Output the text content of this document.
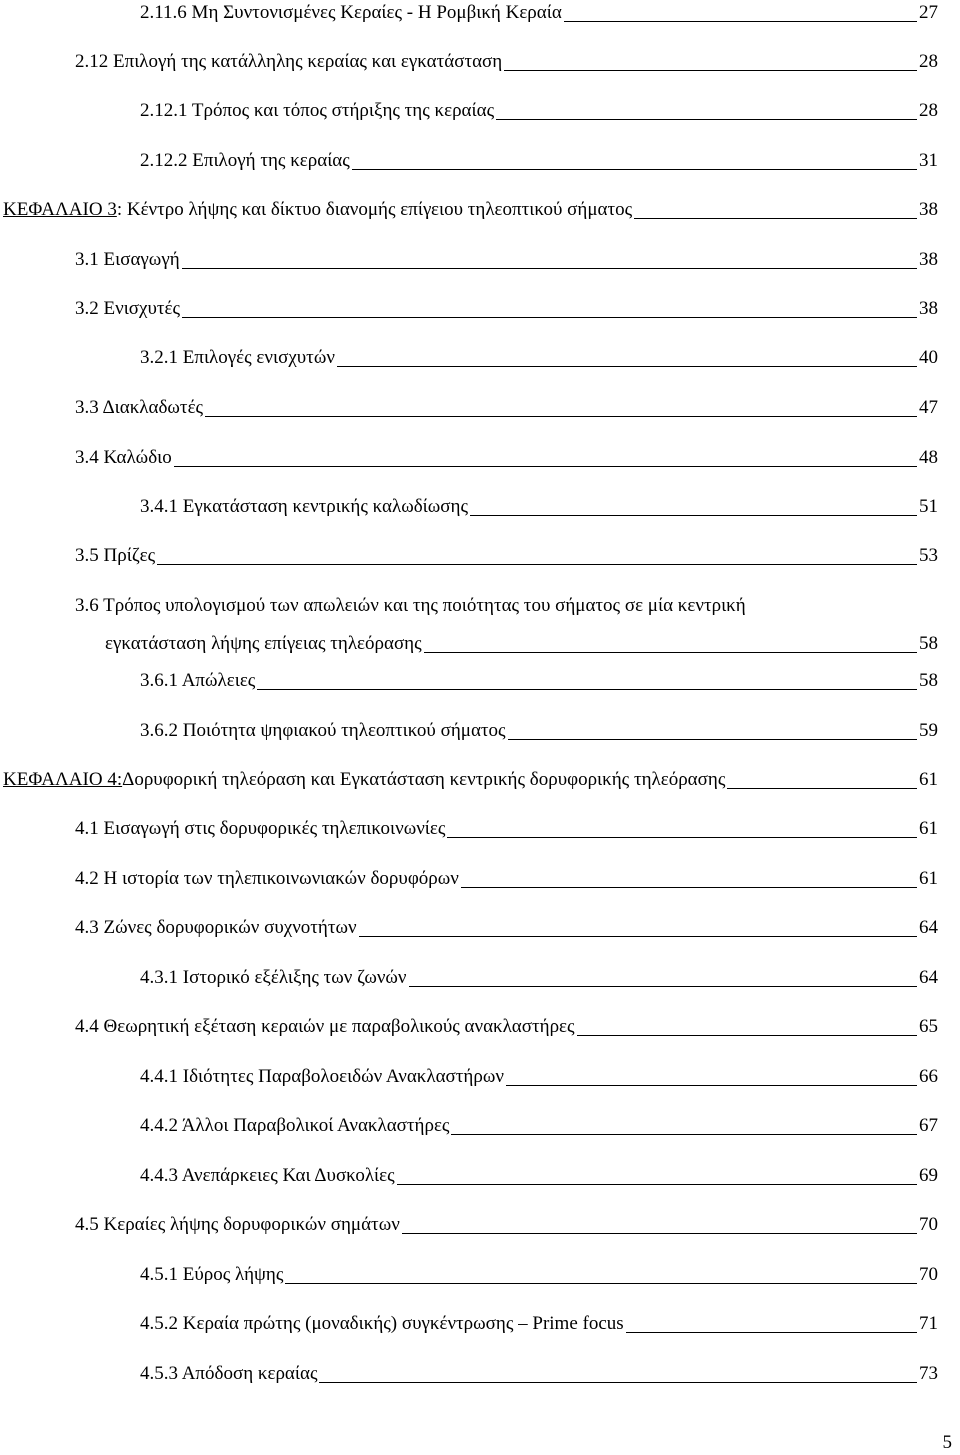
2.11.6 Μη Συντονισμένες Κεραίες - Η Ρομβική Κεραία	27
2.12 Επιλογή της κατάλληλης κεραίας και εγκατάσταση	28
2.12.1 Τρόπος και τόπος στήριξης της κεραίας	28
2.12.2 Επιλογή της κεραίας	31
ΚΕΦΑΛΑΙΟ 3 : Κέντρο λήψης και δίκτυο διανομής επίγειου τηλεοπτικού σήματος	38
3.1 Εισαγωγή	38
3.2 Ενισχυτές	38
3.2.1 Επιλογές ενισχυτών	40
3.3 Διακλαδωτές	47
3.4 Καλώδιο	48
3.4.1 Εγκατάσταση κεντρικής καλωδίωσης	51
3.5 Πρίζες	53
3.6 Τρόπος υπολογισμού των απωλειών και της ποιότητας του σήματος σε μία κεντρική
εγκατάσταση λήψης επίγειας τηλεόρασης	58
3.6.1 Απώλειες	58
3.6.2 Ποιότητα ψηφιακού τηλεοπτικού σήματος	59
ΚΕΦΑΛΑΙΟ 4: Δορυφορική τηλεόραση και Εγκατάσταση κεντρικής δορυφορικής τηλεόρασης	61
4.1 Εισαγωγή στις δορυφορικές τηλεπικοινωνίες	61
4.2 Η ιστορία των τηλεπικοινωνιακών δορυφόρων	61
4.3 Ζώνες δορυφορικών συχνοτήτων	64
4.3.1 Ιστορικό εξέλιξης των ζωνών	64
4.4 Θεωρητική εξέταση κεραιών με παραβολικούς ανακλαστήρες	65
4.4.1 Ιδιότητες Παραβολοειδών Ανακλαστήρων	66
4.4.2 Άλλοι Παραβολικοί Ανακλαστήρες	67
4.4.3 Ανεπάρκειες Και Δυσκολίες	69
4.5 Κεραίες λήψης δορυφορικών σημάτων	70
4.5.1 Εύρος λήψης	70
4.5.2 Κεραία πρώτης (μοναδικής) συγκέντρωσης – Prime focus	71
4.5.3 Απόδοση κεραίας	73
5
